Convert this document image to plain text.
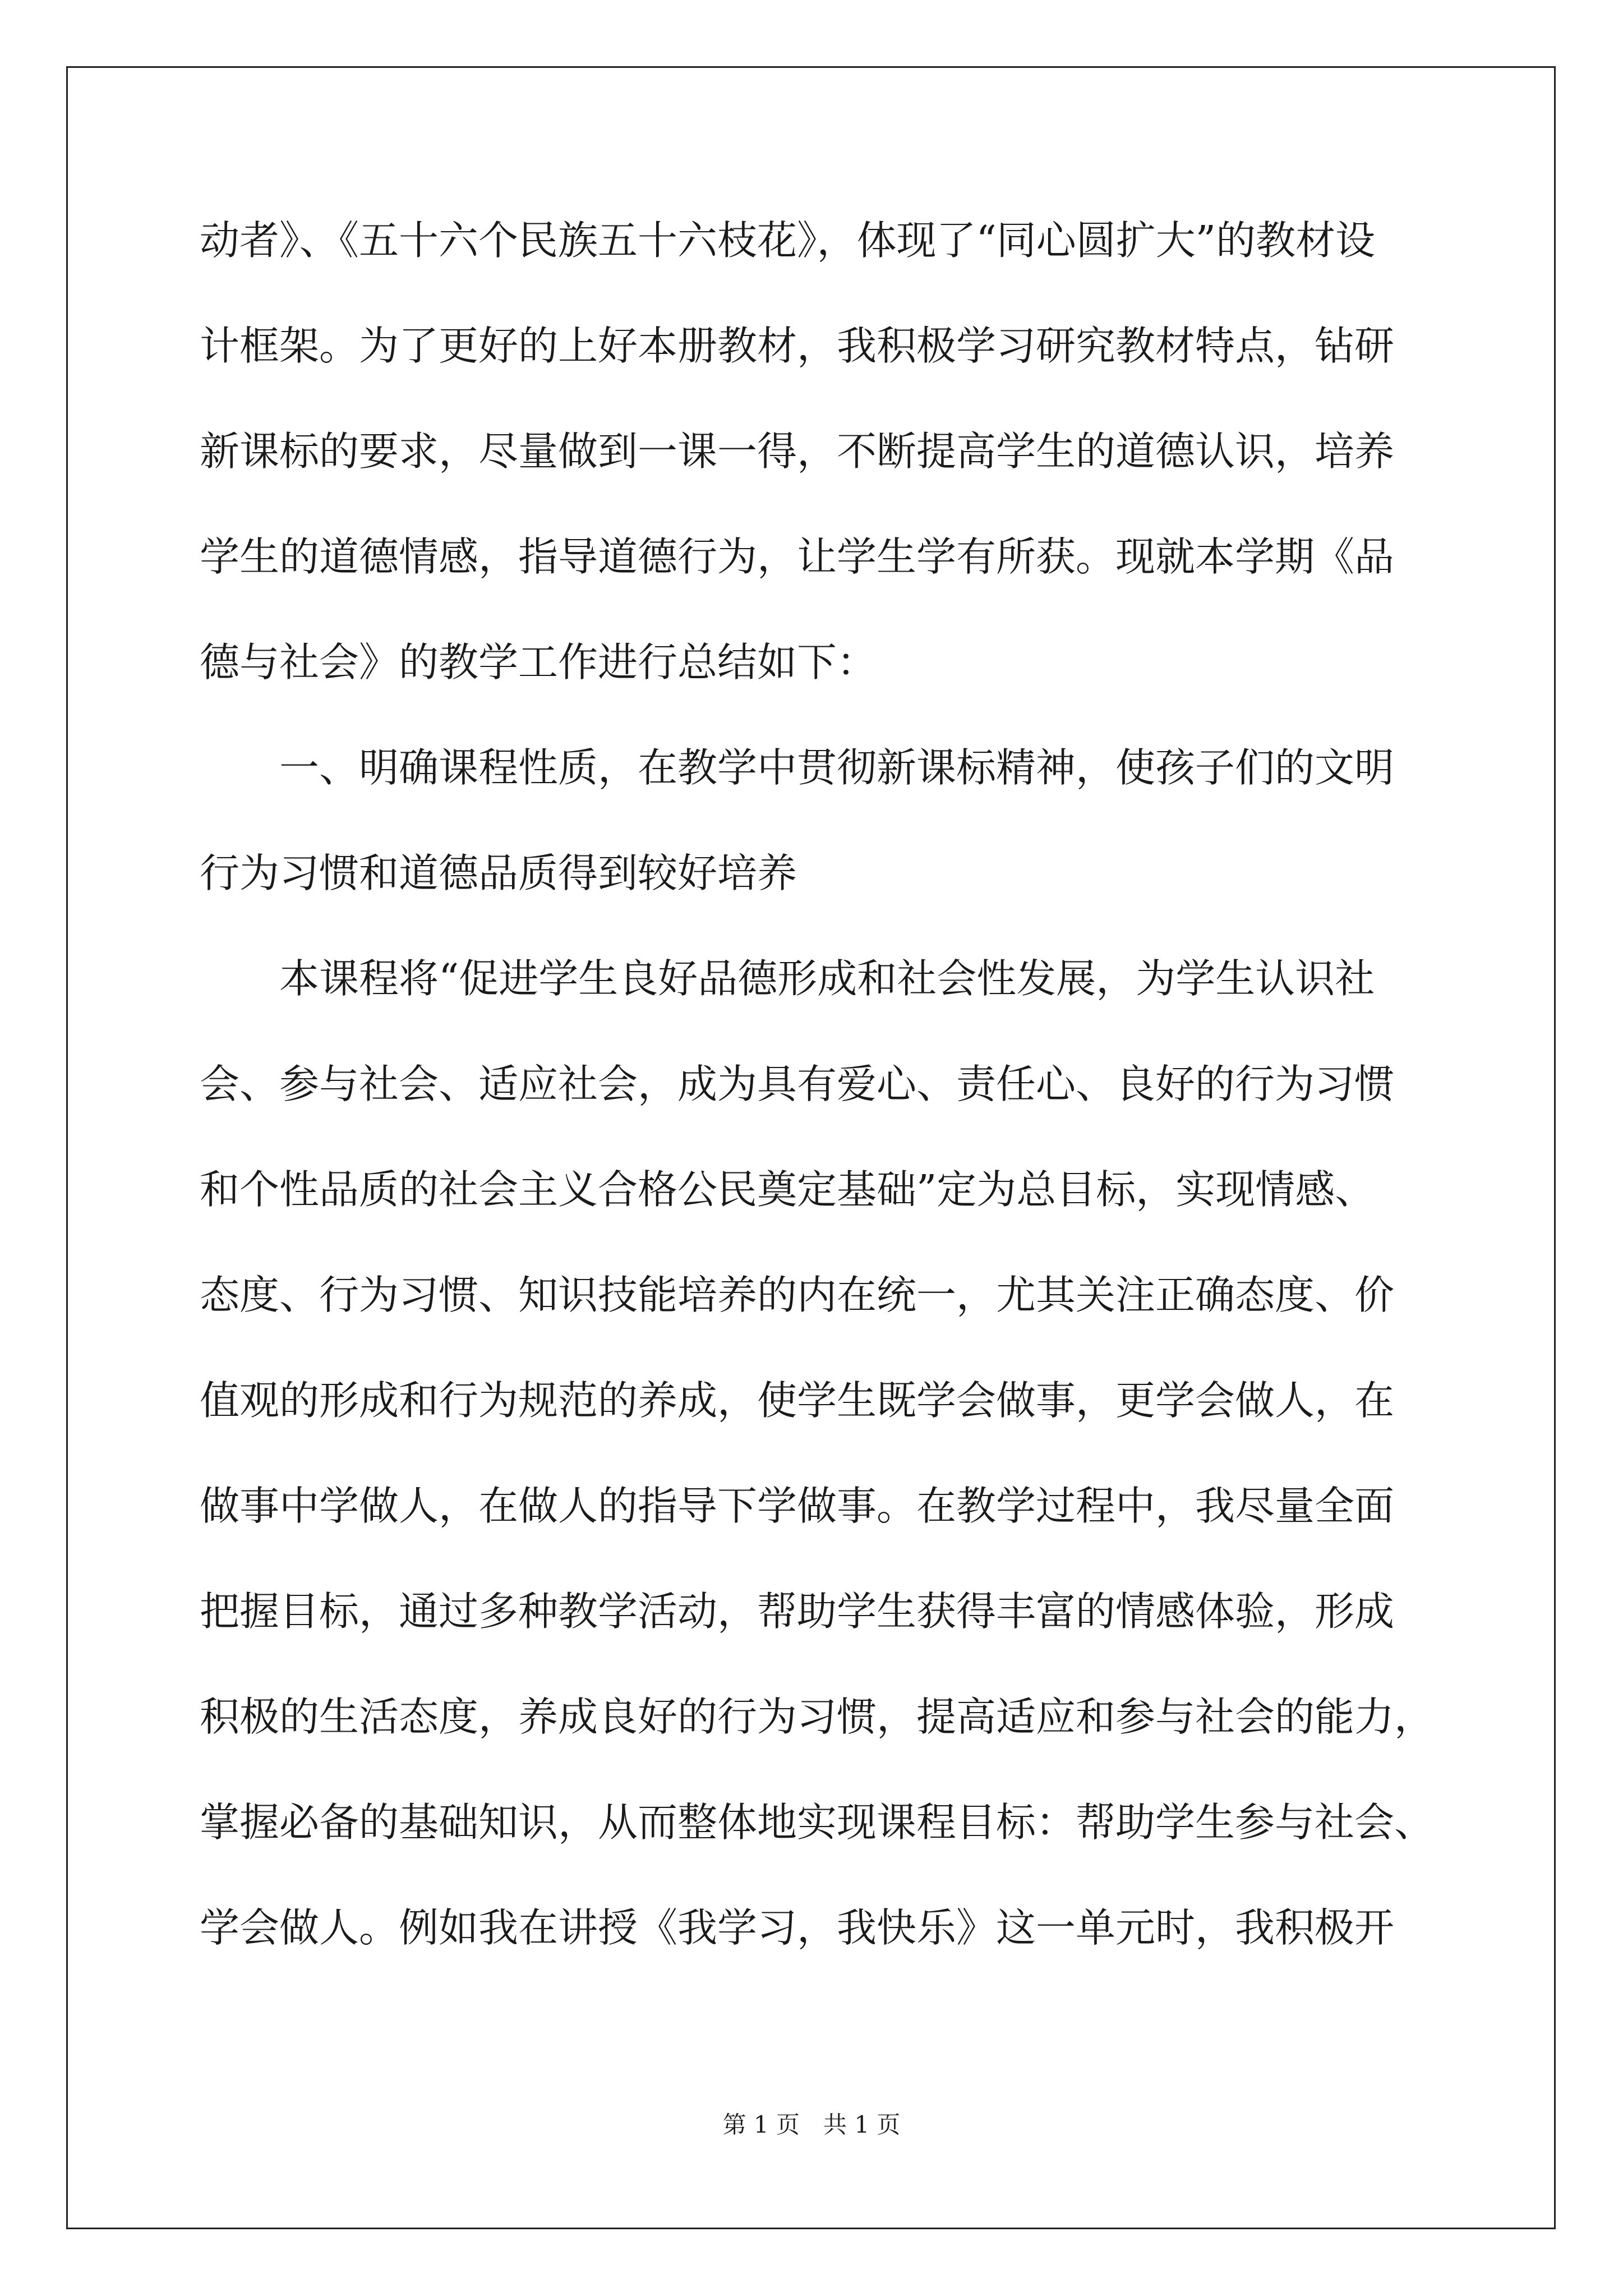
动者》、《五十六个民族五十六枝花》，体现了“同心圆扩大”的教材设
计框架。为了更好的上好本册教材，我积极学习研究教材特点，钻研
新课标的要求，尽量做到一课一得，不断提高学生的道德认识，培养
学生的道德情感，指导道德行为，让学生学有所获。现就本学期《品
德与社会》的教学工作进行总结如下：
　　一、明确课程性质，在教学中贯彻新课标精神，使孩子们的文明
行为习惯和道德品质得到较好培养
　　本课程将“促进学生良好品德形成和社会性发展，为学生认识社
会、参与社会、适应社会，成为具有爱心、责任心、良好的行为习惯
和个性品质的社会主义合格公民奠定基础”定为总目标，实现情感、
态度、行为习惯、知识技能培养的内在统一，尤其关注正确态度、价
值观的形成和行为规范的养成，使学生既学会做事，更学会做人，在
做事中学做人，在做人的指导下学做事。在教学过程中，我尽量全面
把握目标，通过多种教学活动，帮助学生获得丰富的情感体验，形成
积极的生活态度，养成良好的行为习惯，提高适应和参与社会的能力，
掌握必备的基础知识，从而整体地实现课程目标：帮助学生参与社会、
学会做人。例如我在讲授《我学习，我快乐》这一单元时，我积极开
第 1 页　共 1 页
